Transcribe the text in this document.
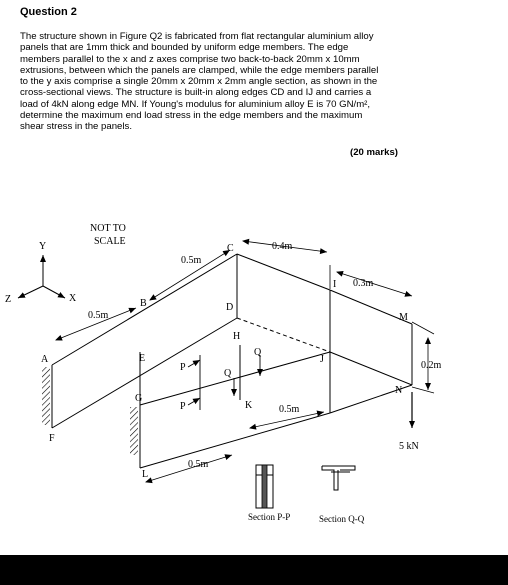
Question 2
The structure shown in Figure Q2 is fabricated from flat rectangular aluminium alloy
panels that are 1mm thick and bounded by uniform edge members. The edge
members parallel to the x and z axes comprise two back-to-back 20mm x 10mm
extrusions, between which the panels are clamped, while the edge members parallel
to the y axis comprise a single 20mm x 20mm x 2mm angle section, as shown in the
cross-sectional views. The structure is built-in along edges CD and IJ and carries a
load of 4kN along edge MN. If Young's modulus for aluminium alloy E is 70 GN/m²,
determine the maximum end load stress in the edge members and the maximum
shear stress in the panels.
(20 marks)
NOT TO
SCALE
Y
Z	X
5 kN
P
P
Q
Q
A
B
C
D
E
G
H
I
J
K
L
M
N
F
0.5m
0.4m
0.5m
0.3m
0.2m
0.5m
0.5m
Section P-P	Section Q-Q
